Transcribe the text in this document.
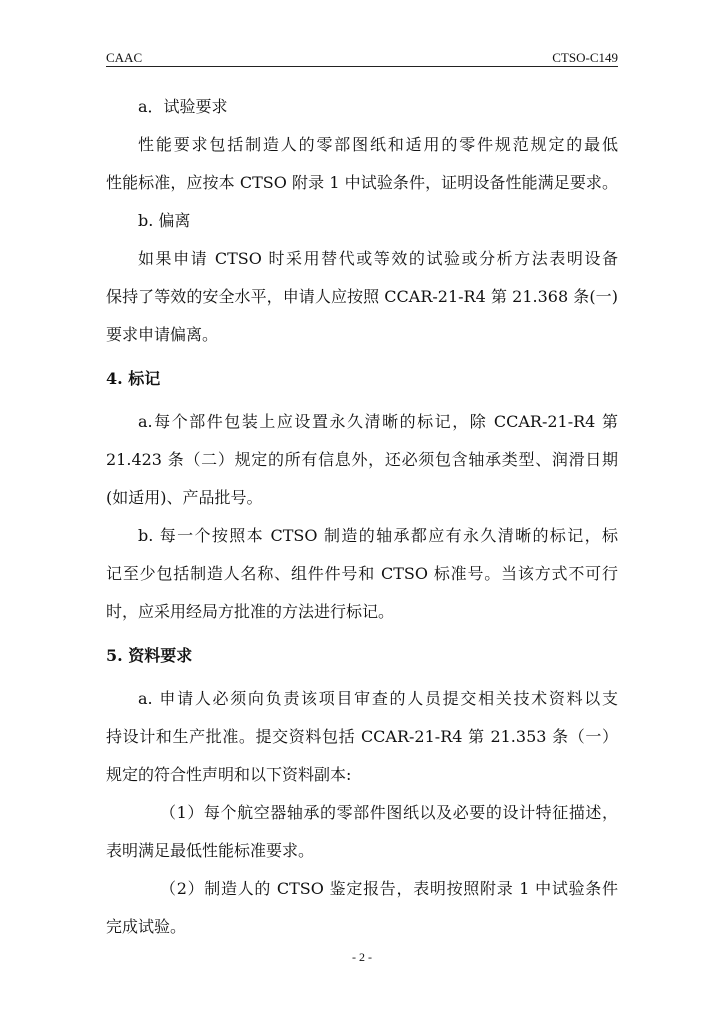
CAAC	CTSO-C149
a．试验要求
性能要求包括制造人的零部图纸和适用的零件规范规定的最低
性能标准，应按本 CTSO 附录 1 中试验条件，证明设备性能满足要求。
b. 偏离
如果申请 CTSO 时采用替代或等效的试验或分析方法表明设备
保持了等效的安全水平，申请人应按照 CCAR-21-R4 第 21.368 条(一)
要求申请偏离。
4. 标记
a.每个部件包装上应设置永久清晰的标记，除 CCAR-21-R4 第
21.423 条（二）规定的所有信息外，还必须包含轴承类型、润滑日期
(如适用)、产品批号。
b. 每一个按照本 CTSO 制造的轴承都应有永久清晰的标记，标
记至少包括制造人名称、组件件号和 CTSO 标准号。当该方式不可行
时，应采用经局方批准的方法进行标记。
5. 资料要求
a. 申请人必须向负责该项目审查的人员提交相关技术资料以支
持设计和生产批准。提交资料包括 CCAR-21-R4 第 21.353 条（一）
规定的符合性声明和以下资料副本:
（1）每个航空器轴承的零部件图纸以及必要的设计特征描述，
表明满足最低性能标准要求。
（2）制造人的 CTSO 鉴定报告，表明按照附录 1 中试验条件
完成试验。
- 2 -
